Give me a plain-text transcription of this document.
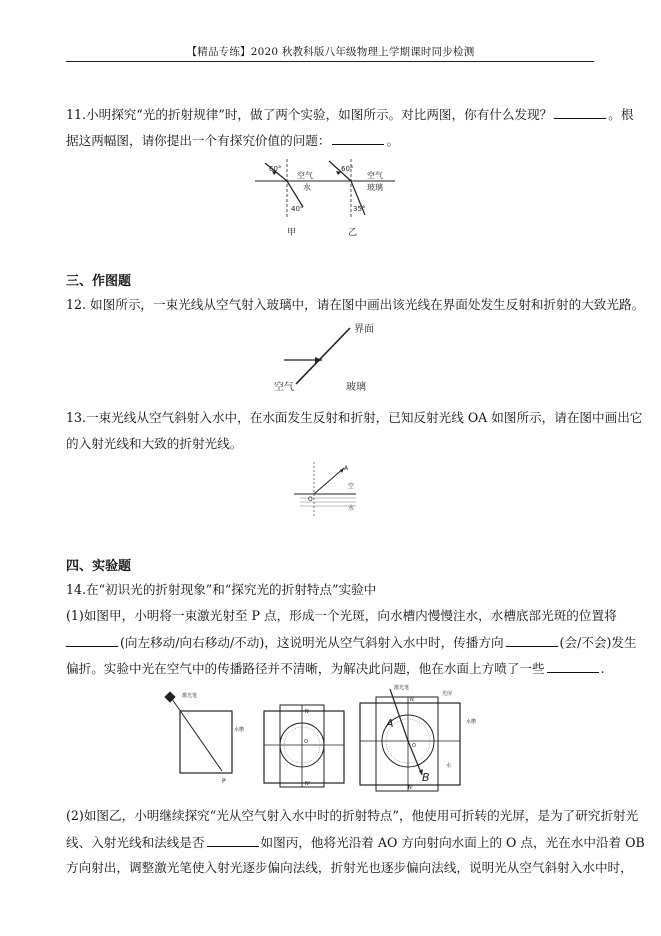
【精品专练】2020 秋教科版八年级物理上学期课时同步检测
11.小明探究“光的折射规律”时，做了两个实验，如图所示。对比两图，你有什么发现？	。根
据这两幅图，请你提出一个有探究价值的问题：	。
60°
40°
空气
水
甲
60°
35°
空气
玻璃
乙
三、作图题
12. 如图所示，一束光线从空气射入玻璃中，请在图中画出该光线在界面处发生反射和折射的大致光路。
界面
空气	玻璃
13.一束光线从空气斜射入水中，在水面发生反射和折射，已知反射光线 OA 如图所示，请在图中画出它
的入射光线和大致的折射光线。
A
O
空
水
四、实验题
14.在“初识光的折射现象”和“探究光的折射特点”实验中
(1)如图甲，小明将一束激光射至 P 点，形成一个光斑，向水槽内慢慢注水，水槽底部光斑的位置将
(向左移动/向右移动/不动)，这说明光从空气斜射入水中时，传播方向	(会/不会)发生
偏折。实验中光在空气中的传播路径并不清晰，为解决此问题，他在水面上方喷了一些	.
激光笔
水槽
P
N
O
N'
激光笔
N
N'
O
A
B
光屏
水槽
水
(2)如图乙，小明继续探究“光从空气射入水中时的折射特点”，他使用可折转的光屏，是为了研究折射光
线、入射光线和法线是否	如图丙，他将光沿着 AO 方向射向水面上的 O 点，光在水中沿着 OB
方向射出，调整激光笔使入射光逐步偏向法线，折射光也逐步偏向法线，说明光从空气斜射入水中时，
